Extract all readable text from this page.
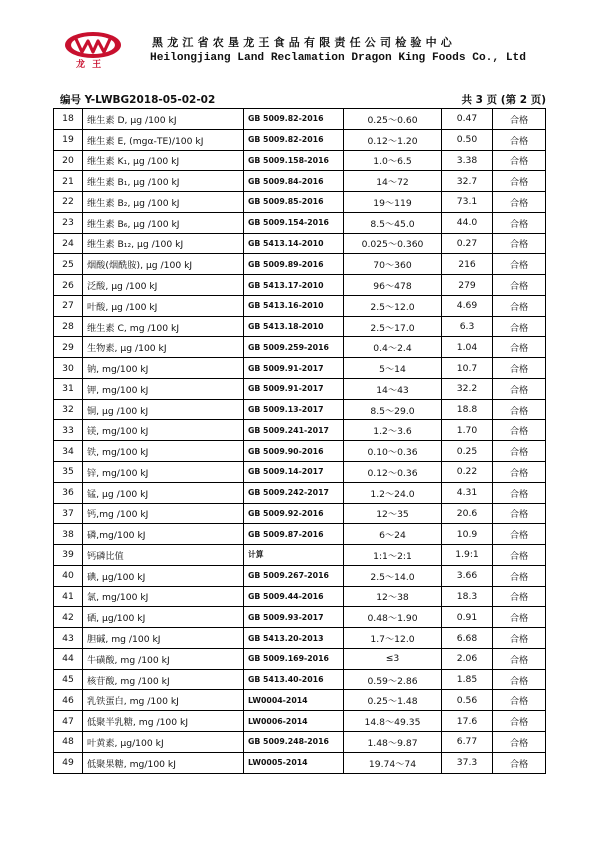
龙 王
黑龙江省农垦龙王食品有限责任公司检验中心
Heilongjiang Land Reclamation Dragon King Foods Co., Ltd
编号 Y-LWBG2018-05-02-02	共 3 页 (第 2 页)
18	维生素 D, μg /100 kJ	GB 5009.82-2016	0.25～0.60	0.47	合格
19	维生素 E, (mgα-TE)/100 kJ	GB 5009.82-2016	0.12～1.20	0.50	合格
20	维生素 K₁, μg /100 kJ	GB 5009.158-2016	1.0～6.5	3.38	合格
21	维生素 B₁, μg /100 kJ	GB 5009.84-2016	14～72	32.7	合格
22	维生素 B₂, μg /100 kJ	GB 5009.85-2016	19～119	73.1	合格
23	维生素 B₆, μg /100 kJ	GB 5009.154-2016	8.5～45.0	44.0	合格
24	维生素 B₁₂, μg /100 kJ	GB 5413.14-2010	0.025～0.360	0.27	合格
25	烟酸(烟酰胺), μg /100 kJ	GB 5009.89-2016	70～360	216	合格
26	泛酸, μg /100 kJ	GB 5413.17-2010	96～478	279	合格
27	叶酸, μg /100 kJ	GB 5413.16-2010	2.5～12.0	4.69	合格
28	维生素 C, mg /100 kJ	GB 5413.18-2010	2.5～17.0	6.3	合格
29	生物素, μg /100 kJ	GB 5009.259-2016	0.4～2.4	1.04	合格
30	钠, mg/100 kJ	GB 5009.91-2017	5～14	10.7	合格
31	钾, mg/100 kJ	GB 5009.91-2017	14～43	32.2	合格
32	铜, μg /100 kJ	GB 5009.13-2017	8.5～29.0	18.8	合格
33	镁, mg/100 kJ	GB 5009.241-2017	1.2～3.6	1.70	合格
34	铁, mg/100 kJ	GB 5009.90-2016	0.10～0.36	0.25	合格
35	锌, mg/100 kJ	GB 5009.14-2017	0.12～0.36	0.22	合格
36	锰, μg /100 kJ	GB 5009.242-2017	1.2～24.0	4.31	合格
37	钙,mg /100 kJ	GB 5009.92-2016	12～35	20.6	合格
38	磷,mg/100 kJ	GB 5009.87-2016	6～24	10.9	合格
39	钙磷比值	计算	1:1～2:1	1.9:1	合格
40	碘, μg/100 kJ	GB 5009.267-2016	2.5～14.0	3.66	合格
41	氯, mg/100 kJ	GB 5009.44-2016	12～38	18.3	合格
42	硒, μg/100 kJ	GB 5009.93-2017	0.48～1.90	0.91	合格
43	胆碱, mg /100 kJ	GB 5413.20-2013	1.7～12.0	6.68	合格
44	牛磺酸, mg /100 kJ	GB 5009.169-2016	≤3	2.06	合格
45	核苷酸, mg /100 kJ	GB 5413.40-2016	0.59～2.86	1.85	合格
46	乳铁蛋白, mg /100 kJ	LW0004-2014	0.25～1.48	0.56	合格
47	低聚半乳糖, mg /100 kJ	LW0006-2014	14.8～49.35	17.6	合格
48	叶黄素, μg/100 kJ	GB 5009.248-2016	1.48～9.87	6.77	合格
49	低聚果糖, mg/100 kJ	LW0005-2014	19.74～74	37.3	合格
